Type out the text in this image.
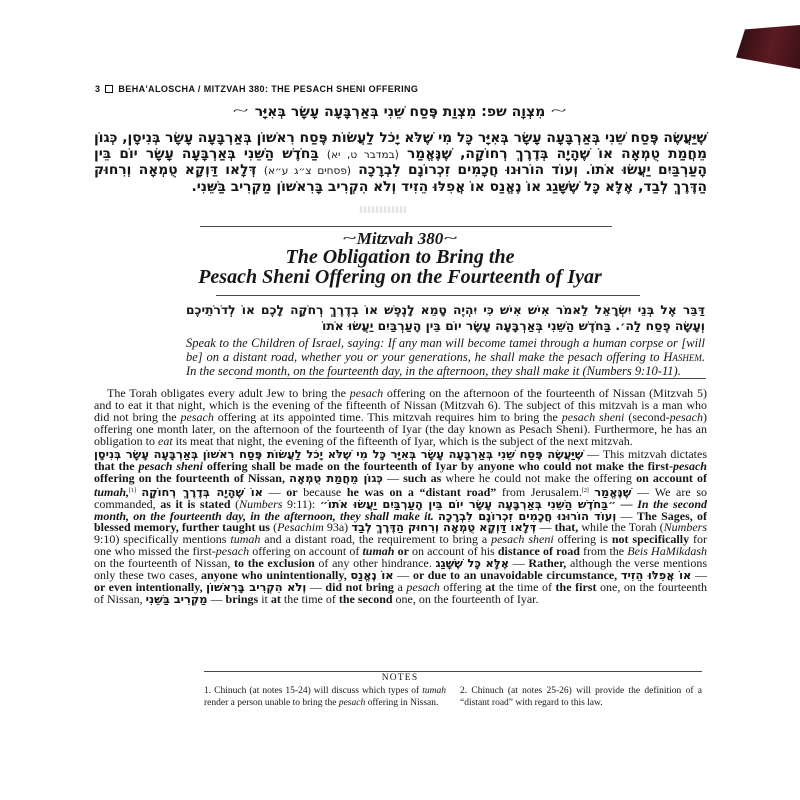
3 BEHA'ALOSCHA / MITZVAH 380: THE PESACH SHENI OFFERING
~ מִצְוָה שפ: מִצְוַת פֶּסַח שֵׁנִי בְּאַרְבָּעָה עָשָׂר בְּאִיָּר ~
שֶׁיַּעֲשֶׂה פֶּסַח שֵׁנִי בְּאַרְבָּעָה עָשָׂר בְּאִיָּר כָּל מִי שֶׁלֹּא יָכֹל לַעֲשׂוֹת פֶּסַח רִאשׁוֹן בְּאַרְבָּעָה עָשָׂר בְּנִיסָן, כְּגוֹן מֵחֲמַת טֻמְאָה אוֹ שֶׁהָיָה בְּדֶרֶךְ רְחוֹקָה, שֶׁנֶּאֱמַר (במדבר ט, יא) בַּחֹדֶשׁ הַשֵּׁנִי בְּאַרְבָּעָה עָשָׂר יוֹם בֵּין הָעַרְבַּיִם יַעֲשׂוּ אֹתוֹ. וְעוֹד הוֹרוּנוּ חֲכָמִים זִכְרוֹנָם לִבְרָכָה (פסחים צ״ג ע״א) דְּלָאו דַּוְקָא טֻמְאָה וְרִחוּק הַדֶּרֶךְ לְבַד, אֶלָּא כָּל שֶׁשָּׁגַג אוֹ נֶאֱנַס אוֹ אֲפִלּוּ הֵזִיד וְלֹא הִקְרִיב בָּרִאשׁוֹן מַקְרִיב בַּשֵּׁנִי.
~ Mitzvah 380 ~
The Obligation to Bring the
Pesach Sheni Offering on the Fourteenth of Iyar
דַּבֵּר אֶל בְּנֵי יִשְׂרָאֵל לֵאמֹר אִישׁ אִישׁ כִּי יִהְיֶה טָמֵא לָנֶפֶשׁ אוֹ בְדֶרֶךְ רְחֹקָה לָכֶם אוֹ לְדֹרֹתֵיכֶם וְעָשָׂה פֶסַח לַה׳. בַּחֹדֶשׁ הַשֵּׁנִי בְּאַרְבָּעָה עָשָׂר יוֹם בֵּין הָעַרְבַּיִם יַעֲשׂוּ אֹתוֹ
Speak to the Children of Israel, saying: If any man will become tamei through a human corpse or [will be] on a distant road, whether you or your generations, he shall make the pesach offering to Hashem. In the second month, on the fourteenth day, in the afternoon, they shall make it (Numbers 9:10-11).

The Torah obligates every adult Jew to bring the pesach offering on the afternoon of the fourteenth of Nissan (Mitzvah 5) and to eat it that night, which is the evening of the fifteenth of Nissan (Mitzvah 6). The subject of this mitzvah is a man who did not bring the pesach offering at its appointed time. This mitzvah requires him to bring the pesach sheni (second-pesach) offering one month later, on the afternoon of the fourteenth of Iyar (the day known as Pesach Sheni). Furthermore, he has an obligation to eat its meat that night, the evening of the fifteenth of Iyar, which is the subject of the next mitzvah.

שֶׁיַּעֲשֶׂה פֶּסַח שֵׁנִי בְּאַרְבָּעָה עָשָׂר בְּאִיָּר כָּל מִי שֶׁלֹּא יָכֹל לַעֲשׂוֹת פֶּסַח רִאשׁוֹן בְּאַרְבָּעָה עָשָׂר בְּנִיסָן — This mitzvah dictates that the pesach sheni offering shall be made on the fourteenth of Iyar by anyone who could not make the first-pesach offering on the fourteenth of Nissan, כְּגוֹן מֵחֲמַת טֻמְאָה — such as where he could not make the offering on account of tumah,[1] אוֹ שֶׁהָיָה בְּדֶרֶךְ רְחוֹקָה — or because he was on a “distant road” from Jerusalem.[2] שֶׁנֶּאֱמַר — We are so commanded, as it is stated (Numbers 9:11): ״בַּחֹדֶשׁ הַשֵּׁנִי בְּאַרְבָּעָה עָשָׂר יוֹם בֵּין הָעַרְבַּיִם יַעֲשׂוּ אֹתוֹ״ — In the second month, on the fourteenth day, in the afternoon, they shall make it. וְעוֹד הוֹרוּנוּ חֲכָמִים זִכְרוֹנָם לִבְרָכָה — The Sages, of blessed memory, further taught us (Pesachim 93a) דְּלָאו דַּוְקָא טֻמְאָה וְרִחוּק הַדֶּרֶךְ לְבַד — that, while the Torah (Numbers 9:10) specifically mentions tumah and a distant road, the requirement to bring a pesach sheni offering is not specifically for one who missed the first-pesach offering on account of tumah or on account of his distance of road from the Beis HaMikdash on the fourteenth of Nissan, to the exclusion of any other hindrance. אֶלָּא כָּל שֶׁשָּׁגַג — Rather, although the verse mentions only these two cases, anyone who unintentionally, אוֹ נֶאֱנַס — or due to an unavoidable circumstance, אוֹ אֲפִלּוּ הֵזִיד — or even intentionally, וְלֹא הִקְרִיב בָּרִאשׁוֹן — did not bring a pesach offering at the time of the first one, on the fourteenth of Nissan, מַקְרִיב בַּשֵּׁנִי — brings it at the time of the second one, on the fourteenth of Iyar.

NOTES
1. Chinuch (at notes 15-24) will discuss which types of tumah render a person unable to bring the pesach offering in Nissan.
2. Chinuch (at notes 25-26) will provide the definition of a “distant road” with regard to this law.
